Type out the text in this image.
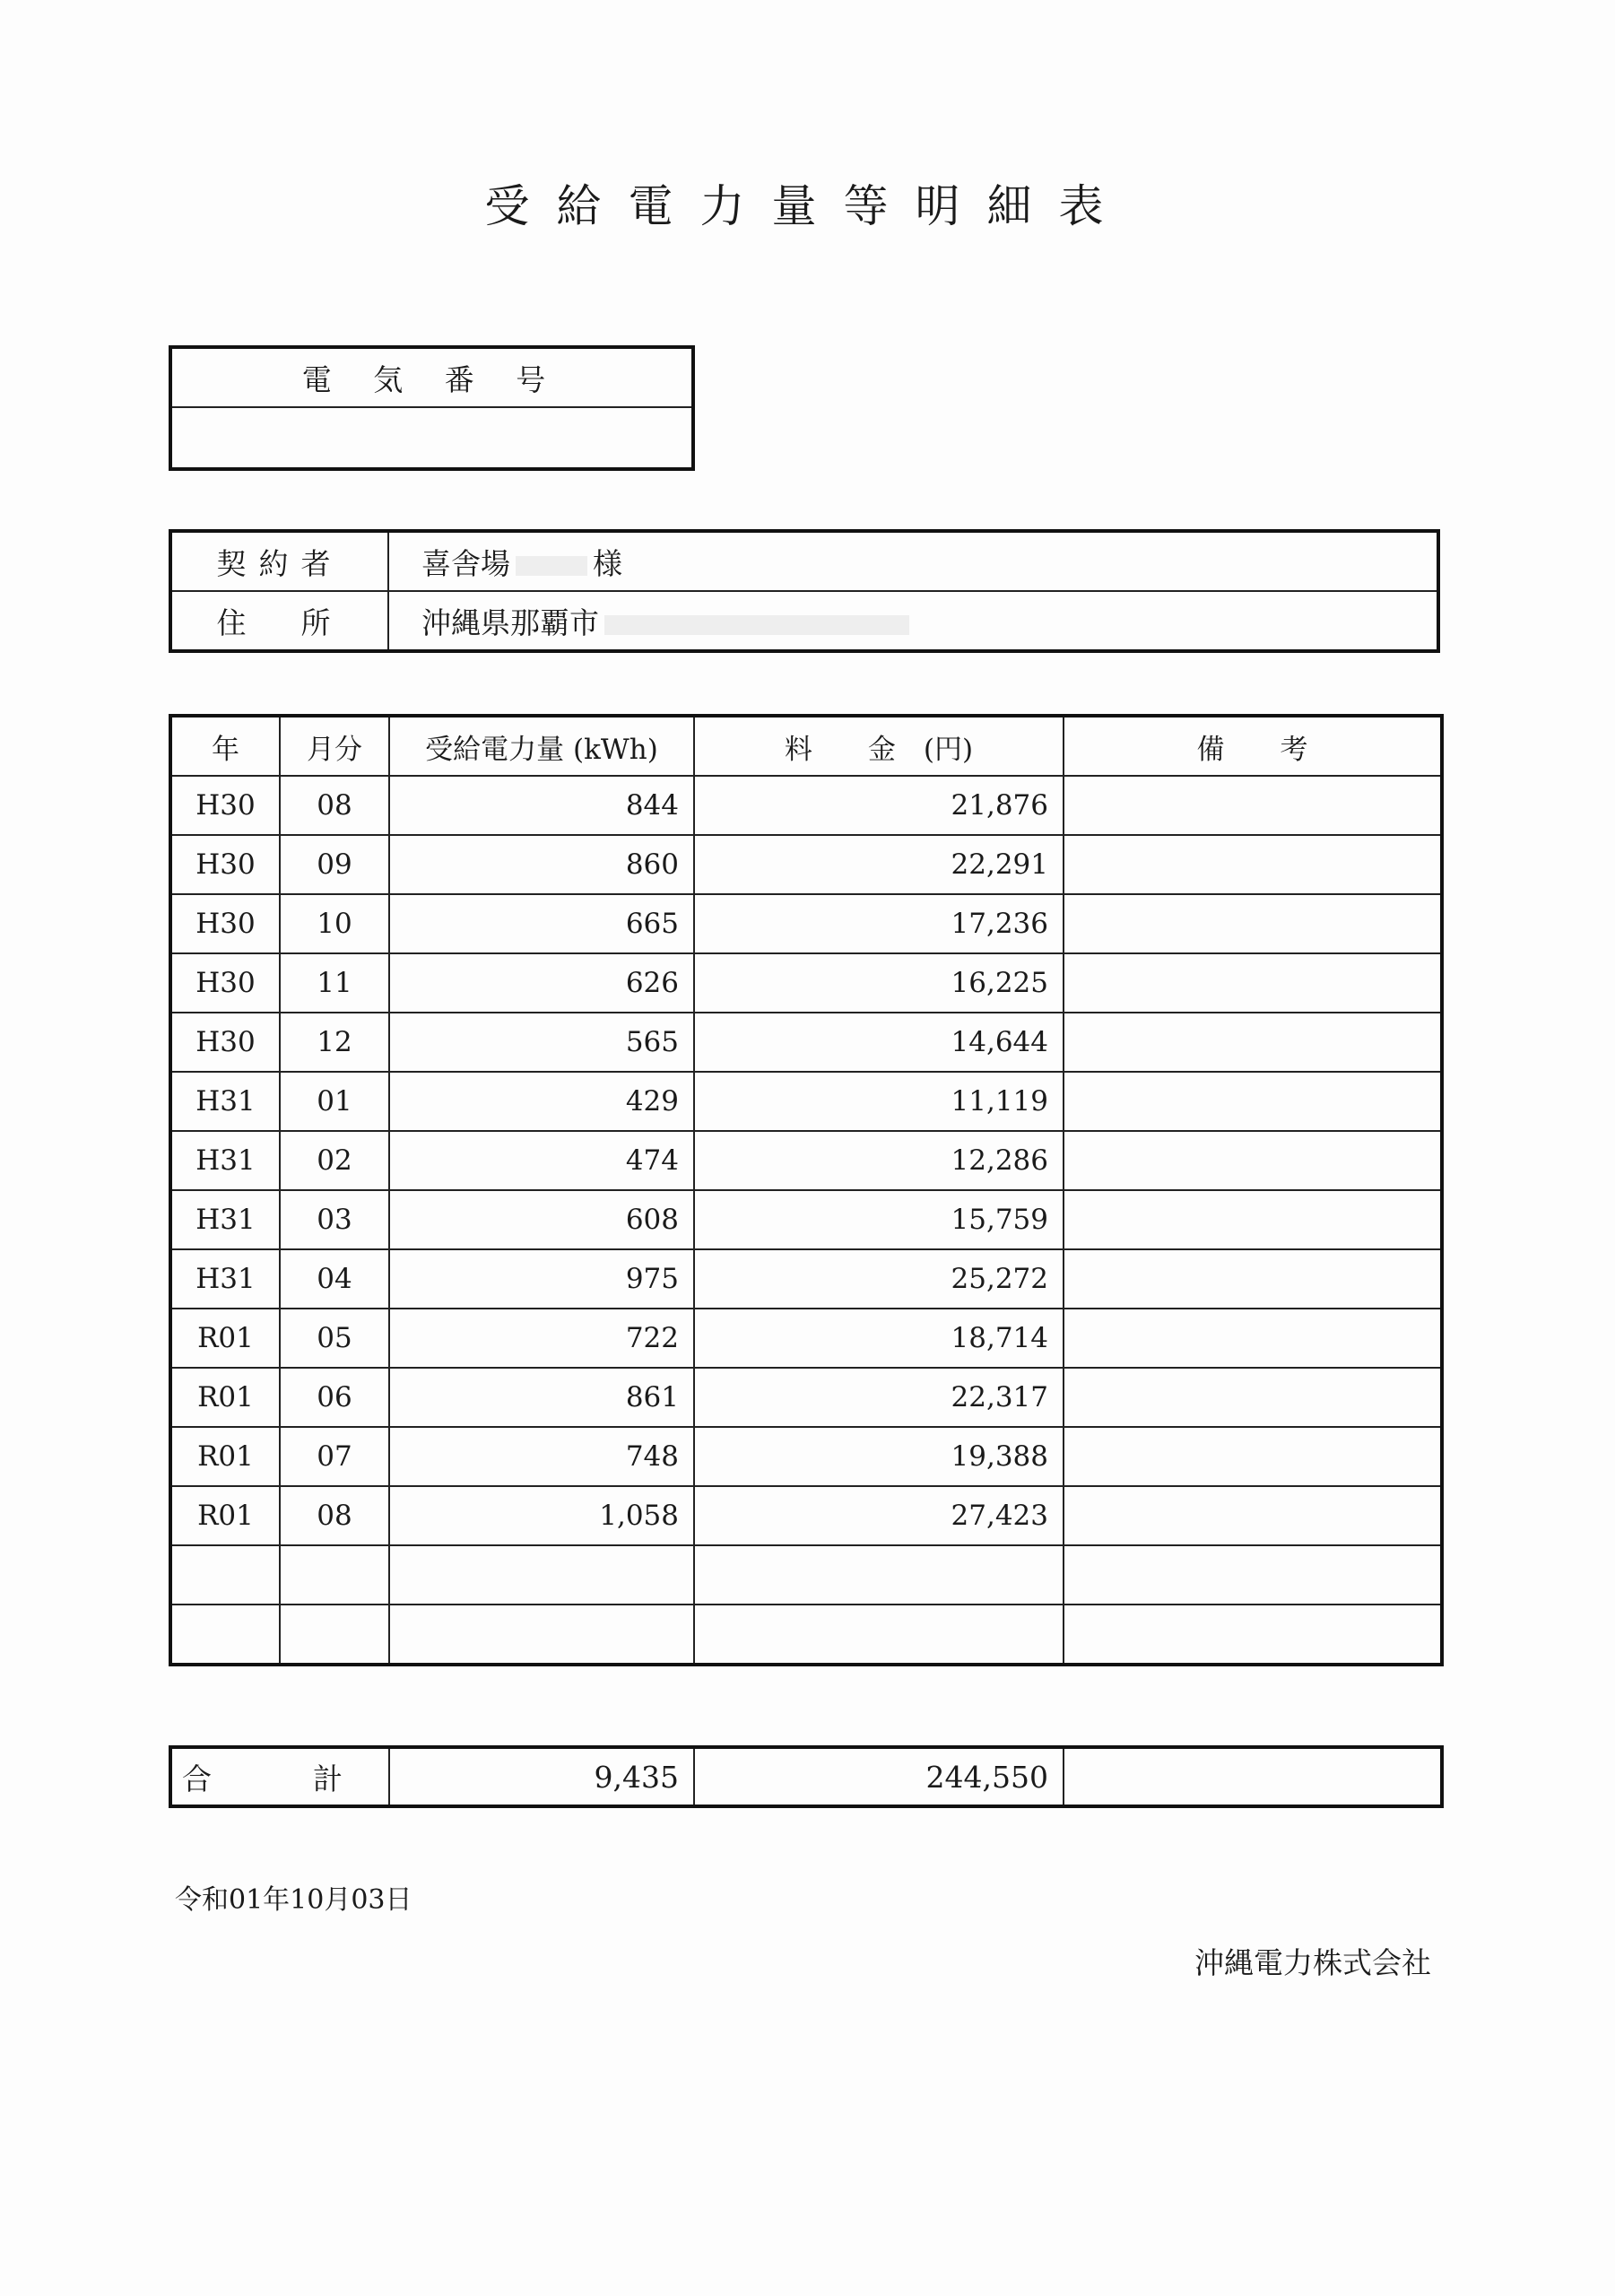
受給電力量等明細表
電 気 番 号

契約者	喜舎場 様
住　所	沖縄県那覇市
年	月分	受給電力量 (kWh)	料　　金　(円)	備　　考
H30	08	844	21,876	
H30	09	860	22,291	
H30	10	665	17,236	
H30	11	626	16,225	
H30	12	565	14,644	
H31	01	429	11,119	
H31	02	474	12,286	
H31	03	608	15,759	
H31	04	975	25,272	
R01	05	722	18,714	
R01	06	861	22,317	
R01	07	748	19,388	
R01	08	1,058	27,423	

合　計	9,435	244,550	
令和01年10月03日
沖縄電力株式会社
